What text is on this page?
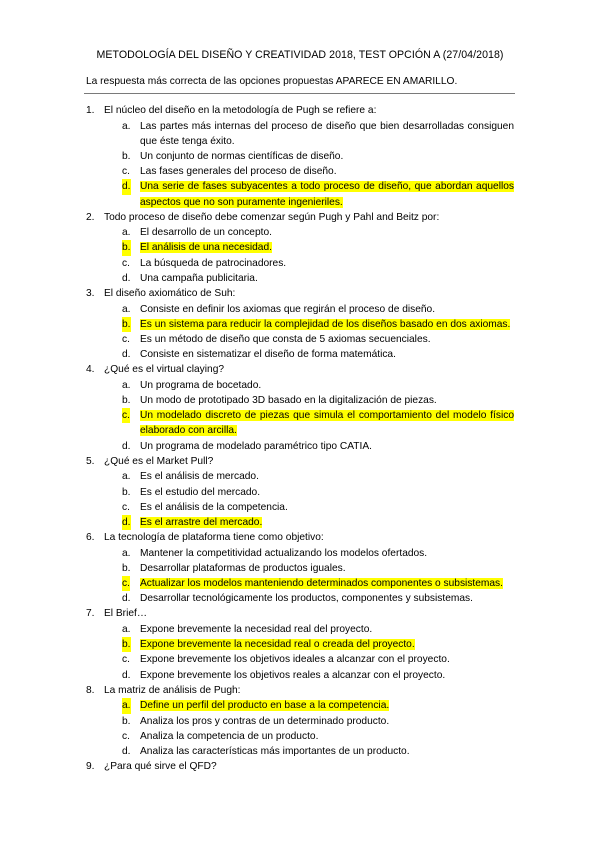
METODOLOGÍA DEL DISEÑO Y CREATIVIDAD 2018, TEST OPCIÓN A (27/04/2018)
La respuesta más correcta de las opciones propuestas APARECE EN AMARILLO.
1. El núcleo del diseño en la metodología de Pugh se refiere a:
a. Las partes más internas del proceso de diseño que bien desarrolladas consiguen que éste tenga éxito.
b. Un conjunto de normas científicas de diseño.
c. Las fases generales del proceso de diseño.
d. Una serie de fases subyacentes a todo proceso de diseño, que abordan aquellos aspectos que no son puramente ingenieriles.
2. Todo proceso de diseño debe comenzar según Pugh y Pahl and Beitz por:
a. El desarrollo de un concepto.
b. El análisis de una necesidad.
c. La búsqueda de patrocinadores.
d. Una campaña publicitaria.
3. El diseño axiomático de Suh:
a. Consiste en definir los axiomas que regirán el proceso de diseño.
b. Es un sistema para reducir la complejidad de los diseños basado en dos axiomas.
c. Es un método de diseño que consta de 5 axiomas secuenciales.
d. Consiste en sistematizar el diseño de forma matemática.
4. ¿Qué es el virtual claying?
a. Un programa de bocetado.
b. Un modo de prototipado 3D basado en la digitalización de piezas.
c. Un modelado discreto de piezas que simula el comportamiento del modelo físico elaborado con arcilla.
d. Un programa de modelado paramétrico tipo CATIA.
5. ¿Qué es el Market Pull?
a. Es el análisis de mercado.
b. Es el estudio del mercado.
c. Es el análisis de la competencia.
d. Es el arrastre del mercado.
6. La tecnología de plataforma tiene como objetivo:
a. Mantener la competitividad actualizando los modelos ofertados.
b. Desarrollar plataformas de productos iguales.
c. Actualizar los modelos manteniendo determinados componentes o subsistemas.
d. Desarrollar tecnológicamente los productos, componentes y subsistemas.
7. El Brief…
a. Expone brevemente la necesidad real del proyecto.
b. Expone brevemente la necesidad real o creada del proyecto.
c. Expone brevemente los objetivos ideales a alcanzar con el proyecto.
d. Expone brevemente los objetivos reales a alcanzar con el proyecto.
8. La matriz de análisis de Pugh:
a. Define un perfil del producto en base a la competencia.
b. Analiza los pros y contras de un determinado producto.
c. Analiza la competencia de un producto.
d. Analiza las características más importantes de un producto.
9. ¿Para qué sirve el QFD?
